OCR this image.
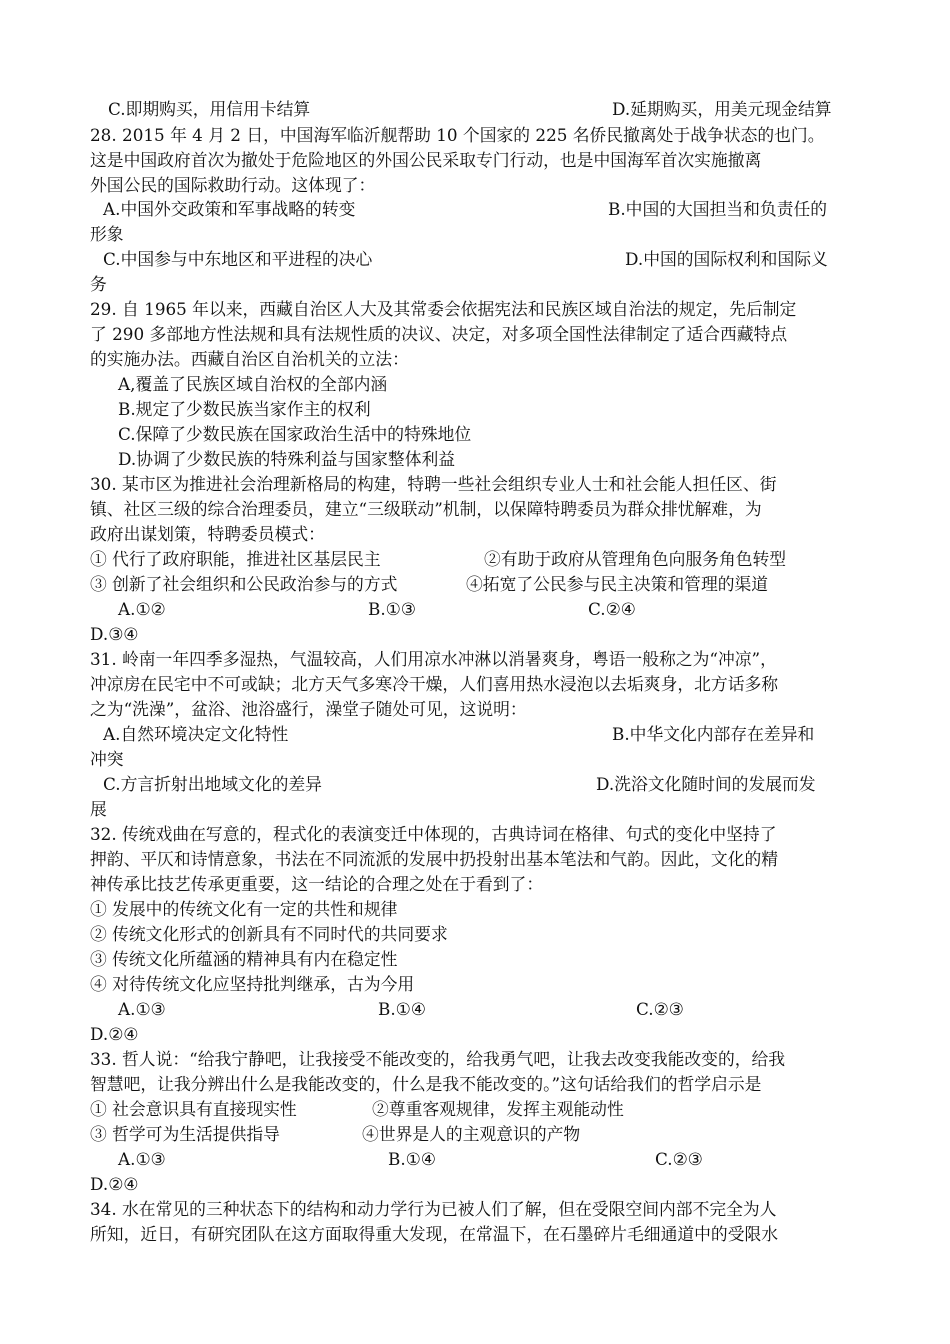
C.即期购买，用信用卡结算	D.延期购买，用美元现金结算
28. 2015 年 4 月 2 日，中国海军临沂舰帮助 10 个国家的 225 名侨民撤离处于战争状态的也门。
这是中国政府首次为撤处于危险地区的外国公民采取专门行动，也是中国海军首次实施撤离
外国公民的国际救助行动。这体现了：
A.中国外交政策和军事战略的转变	B.中国的大国担当和负责任的
形象
C.中国参与中东地区和平进程的决心	D.中国的国际权利和国际义
务
29. 自 1965 年以来，西藏自治区人大及其常委会依据宪法和民族区域自治法的规定，先后制定
了 290 多部地方性法规和具有法规性质的决议、决定，对多项全国性法律制定了适合西藏特点
的实施办法。西藏自治区自治机关的立法：
A,覆盖了民族区域自治权的全部内涵
B.规定了少数民族当家作主的权利
C.保障了少数民族在国家政治生活中的特殊地位
D.协调了少数民族的特殊利益与国家整体利益
30. 某市区为推进社会治理新格局的构建，特聘一些社会组织专业人士和社会能人担任区、街
镇、社区三级的综合治理委员，建立“三级联动”机制，以保障特聘委员为群众排忧解难，为
政府出谋划策，特聘委员模式：
① 代行了政府职能，推进社区基层民主	②有助于政府从管理角色向服务角色转型
③ 创新了社会组织和公民政治参与的方式	④拓宽了公民参与民主决策和管理的渠道
A.①②	B.①③	C.②④
D.③④
31. 岭南一年四季多湿热，气温较高，人们用凉水冲淋以消暑爽身，粤语一般称之为“冲凉”，
冲凉房在民宅中不可或缺；北方天气多寒冷干燥，人们喜用热水浸泡以去垢爽身，北方话多称
之为“洗澡”，盆浴、池浴盛行，澡堂子随处可见，这说明：
A.自然环境决定文化特性	B.中华文化内部存在差异和
冲突
C.方言折射出地域文化的差异	D.洗浴文化随时间的发展而发
展
32. 传统戏曲在写意的，程式化的表演变迁中体现的，古典诗词在格律、句式的变化中坚持了
押韵、平仄和诗情意象，书法在不同流派的发展中扔投射出基本笔法和气韵。因此，文化的精
神传承比技艺传承更重要，这一结论的合理之处在于看到了：
① 发展中的传统文化有一定的共性和规律
② 传统文化形式的创新具有不同时代的共同要求
③ 传统文化所蕴涵的精神具有内在稳定性
④ 对待传统文化应坚持批判继承，古为今用
A.①③	B.①④	C.②③
D.②④
33. 哲人说：“给我宁静吧，让我接受不能改变的，给我勇气吧，让我去改变我能改变的，给我
智慧吧，让我分辨出什么是我能改变的，什么是我不能改变的。”这句话给我们的哲学启示是
① 社会意识具有直接现实性	②尊重客观规律，发挥主观能动性
③ 哲学可为生活提供指导	④世界是人的主观意识的产物
A.①③	B.①④	C.②③
D.②④
34. 水在常见的三种状态下的结构和动力学行为已被人们了解，但在受限空间内部不完全为人
所知，近日，有研究团队在这方面取得重大发现，在常温下，在石墨碎片毛细通道中的受限水
